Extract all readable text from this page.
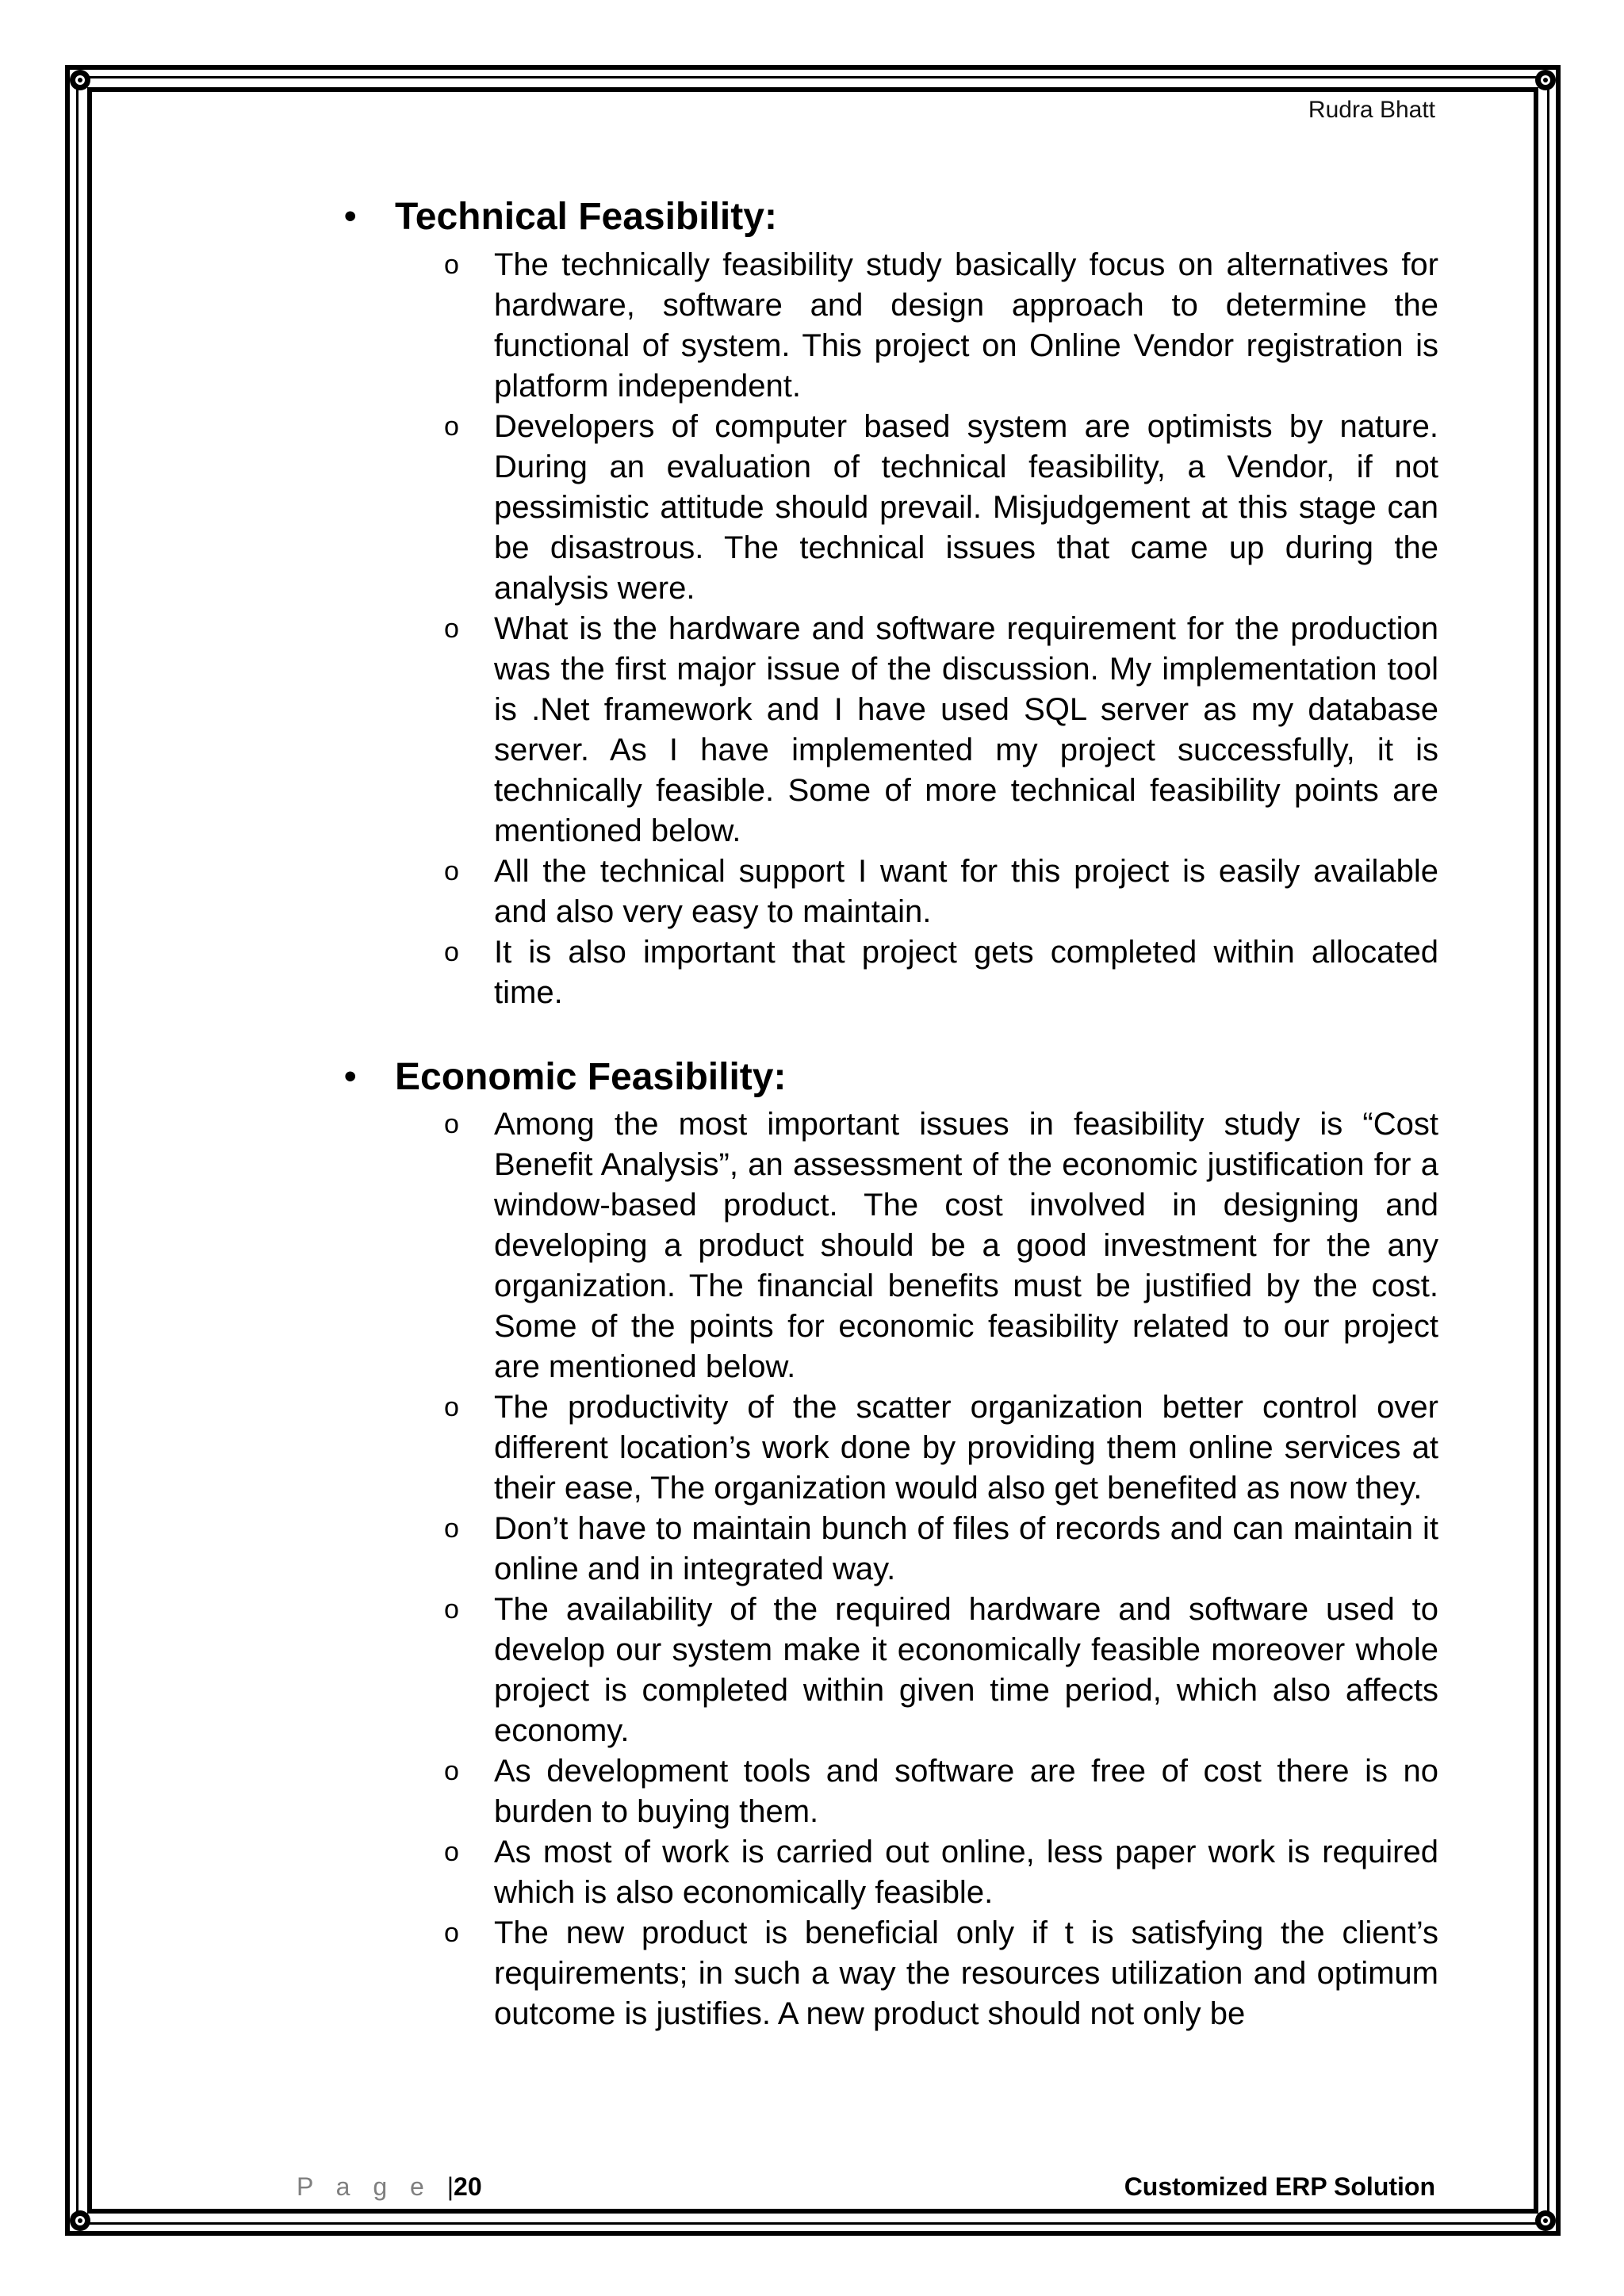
Rudra Bhatt
• Technical Feasibility:
o The technically feasibility study basically focus on alternatives for hardware, software and design approach to determine the functional of system. This project on Online Vendor registration is platform independent.
o Developers of computer based system are optimists by nature. During an evaluation of technical feasibility, a Vendor, if not pessimistic attitude should prevail. Misjudgement at this stage can be disastrous. The technical issues that came up during the analysis were.
o What is the hardware and software requirement for the production was the first major issue of the discussion. My implementation tool is .Net framework and I have used SQL server as my database server. As I have implemented my project successfully, it is technically feasible. Some of more technical feasibility points are mentioned below.
o All the technical support I want for this project is easily available and also very easy to maintain.
o It is also important that project gets completed within allocated time.
• Economic Feasibility:
o Among the most important issues in feasibility study is “Cost Benefit Analysis”, an assessment of the economic justification for a window-based product. The cost involved in designing and developing a product should be a good investment for the any organization. The financial benefits must be justified by the cost. Some of the points for economic feasibility related to our project are mentioned below.
o The productivity of the scatter organization better control over different location’s work done by providing them online services at their ease, The organization would also get benefited as now they.
o Don’t have to maintain bunch of files of records and can maintain it online and in integrated way.
o The availability of the required hardware and software used to develop our system make it economically feasible moreover whole project is completed within given time period, which also affects economy.
o As development tools and software are free of cost there is no burden to buying them.
o As most of work is carried out online, less paper work is required which is also economically feasible.
o The new product is beneficial only if t is satisfying the client’s requirements; in such a way the resources utilization and optimum outcome is justifies. A new product should not only be
P a g e |20	Customized ERP Solution
